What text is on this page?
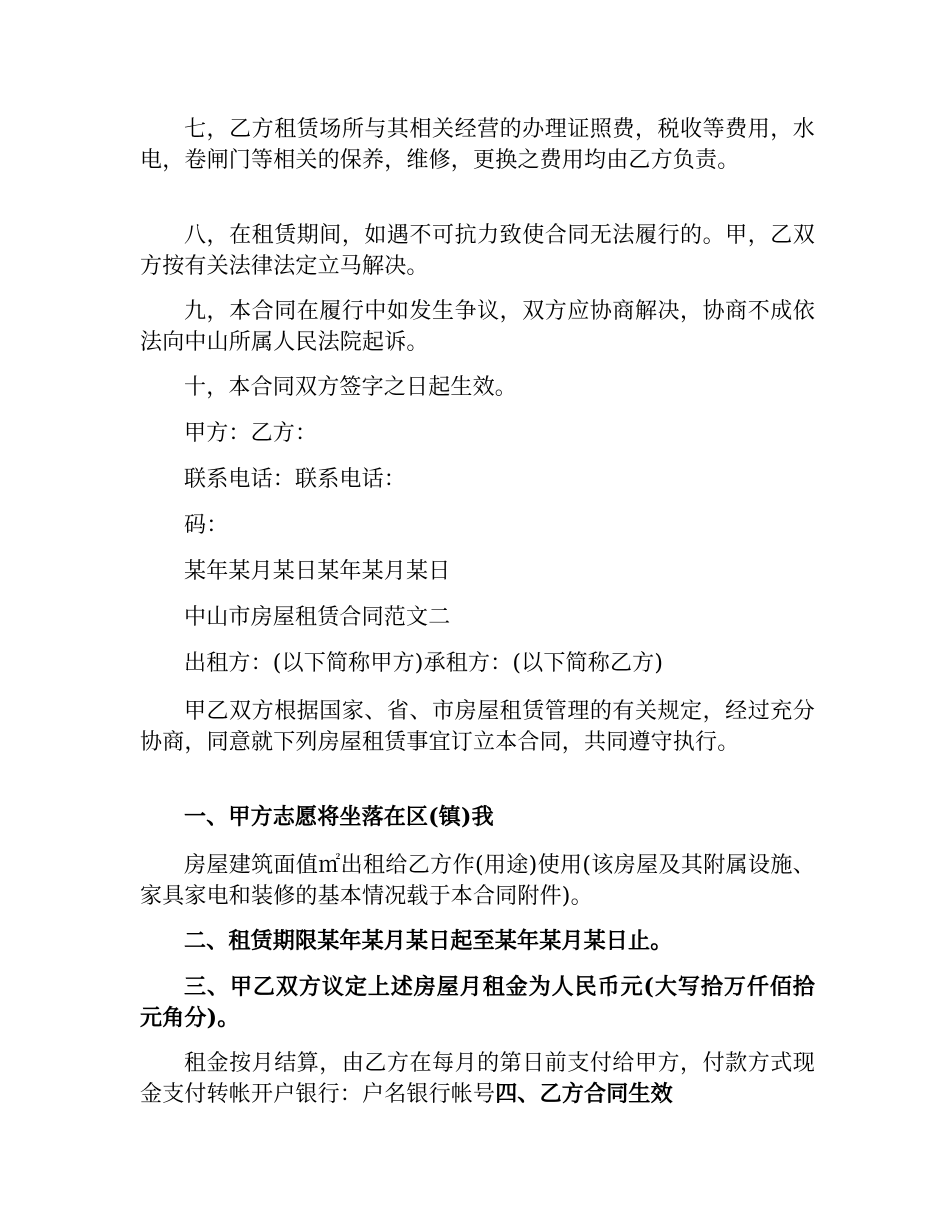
七，乙方租赁场所与其相关经营的办理证照费，税收等费用，水电，卷闸门等相关的保养，维修，更换之费用均由乙方负责。

八，在租赁期间，如遇不可抗力致使合同无法履行的。甲，乙双方按有关法律法定立马解决。

九，本合同在履行中如发生争议，双方应协商解决，协商不成依法向中山所属人民法院起诉。

十，本合同双方签字之日起生效。

甲方：乙方：

联系电话：联系电话：

码：

某年某月某日某年某月某日

中山市房屋租赁合同范文二

出租方：(以下简称甲方)承租方：(以下简称乙方)

甲乙双方根据国家、省、市房屋租赁管理的有关规定，经过充分协商，同意就下列房屋租赁事宜订立本合同，共同遵守执行。

一、甲方志愿将坐落在区(镇)我

房屋建筑面值㎡出租给乙方作(用途)使用(该房屋及其附属设施、家具家电和装修的基本情况载于本合同附件)。

二、租赁期限某年某月某日起至某年某月某日止。

三、甲乙双方议定上述房屋月租金为人民币元(大写拾万仟佰拾元角分)。

租金按月结算，由乙方在每月的第日前支付给甲方，付款方式现金支付转帐开户银行：户名银行帐号四、乙方合同生效
